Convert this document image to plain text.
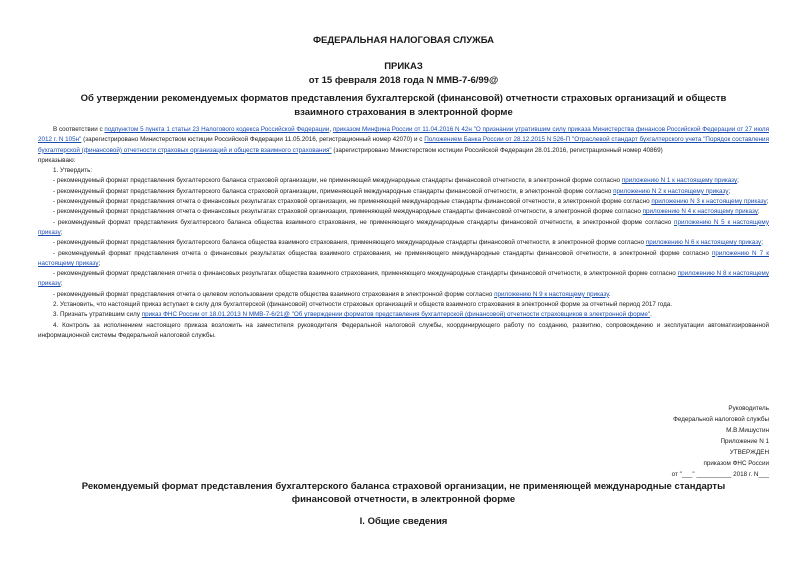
ФЕДЕРАЛЬНАЯ НАЛОГОВАЯ СЛУЖБА

ПРИКАЗ

от 15 февраля 2018 года N ММВ-7-6/99@

Об утверждении рекомендуемых форматов представления бухгалтерской (финансовой) отчетности страховых организаций и обществ взаимного страхования в электронной форме

В соответствии с подпунктом 5 пункта 1 статьи 23 Налогового кодекса Российской Федерации, приказом Минфина России от 11.04.2016 N 42н "О признании утратившим силу приказа Министерства финансов Российской Федерации от 27 июля 2012 г. N 105н" (зарегистрировано Министерством юстиции Российской Федерации 11.05.2016, регистрационный номер 42070) и с Положением Банка России от 28.12.2015 N 526-П "Отраслевой стандарт бухгалтерского учета "Порядок составления бухгалтерской (финансовой) отчетности страховых организаций и обществ взаимного страхования" (зарегистрировано Министерством юстиции Российской Федерации 28.01.2016, регистрационный номер 40869)

приказываю:

1. Утвердить:

- рекомендуемый формат представления бухгалтерского баланса страховой организации, не применяющей международные стандарты финансовой отчетности, в электронной форме согласно приложению N 1 к настоящему приказу;

- рекомендуемый формат представления бухгалтерского баланса страховой организации, применяющей международные стандарты финансовой отчетности, в электронной форме согласно приложению N 2 к настоящему приказу;

- рекомендуемый формат представления отчета о финансовых результатах страховой организации, не применяющей международные стандарты финансовой отчетности, в электронной форме согласно приложению N 3 к настоящему приказу;

- рекомендуемый формат представления отчета о финансовых результатах страховой организации, применяющей международные стандарты финансовой отчетности, в электронной форме согласно приложению N 4 к настоящему приказу;

- рекомендуемый формат представления бухгалтерского баланса общества взаимного страхования, не применяющего международные стандарты финансовой отчетности, в электронной форме согласно приложению N 5 к настоящему приказу;

- рекомендуемый формат представления бухгалтерского баланса общества взаимного страхования, применяющего международные стандарты финансовой отчетности, в электронной форме согласно приложению N 6 к настоящему приказу;

- рекомендуемый формат представления отчета о финансовых результатах общества взаимного страхования, не применяющего международные стандарты финансовой отчетности, в электронной форме согласно приложению N 7 к настоящему приказу;

- рекомендуемый формат представления отчета о финансовых результатах общества взаимного страхования, применяющего международные стандарты финансовой отчетности, в электронной форме согласно приложению N 8 к настоящему приказу;

- рекомендуемый формат представления отчета о целевом использовании средств общества взаимного страхования в электронной форме согласно приложению N 9 к настоящему приказу.

2. Установить, что настоящий приказ вступает в силу для бухгалтерской (финансовой) отчетности страховых организаций и обществ взаимного страхования в электронной форме за отчетный период 2017 года.

3. Признать утратившим силу приказ ФНС России от 18.01.2013 N ММВ-7-6/21@ "Об утверждении форматов представления бухгалтерской (финансовой) отчетности страховщиков в электронной форме".

4. Контроль за исполнением настоящего приказа возложить на заместителя руководителя Федеральной налоговой службы, координирующего работу по созданию, развитию, сопровождению и эксплуатации автоматизированной информационной системы Федеральной налоговой службы.

Руководитель
Федеральной налоговой службы
М.В.Мишустин
Приложение N 1
УТВЕРЖДЕН
приказом ФНС России
от "___" __________ 2018 г. N___

Рекомендуемый формат представления бухгалтерского баланса страховой организации, не применяющей международные стандарты финансовой отчетности, в электронной форме

I. Общие сведения
